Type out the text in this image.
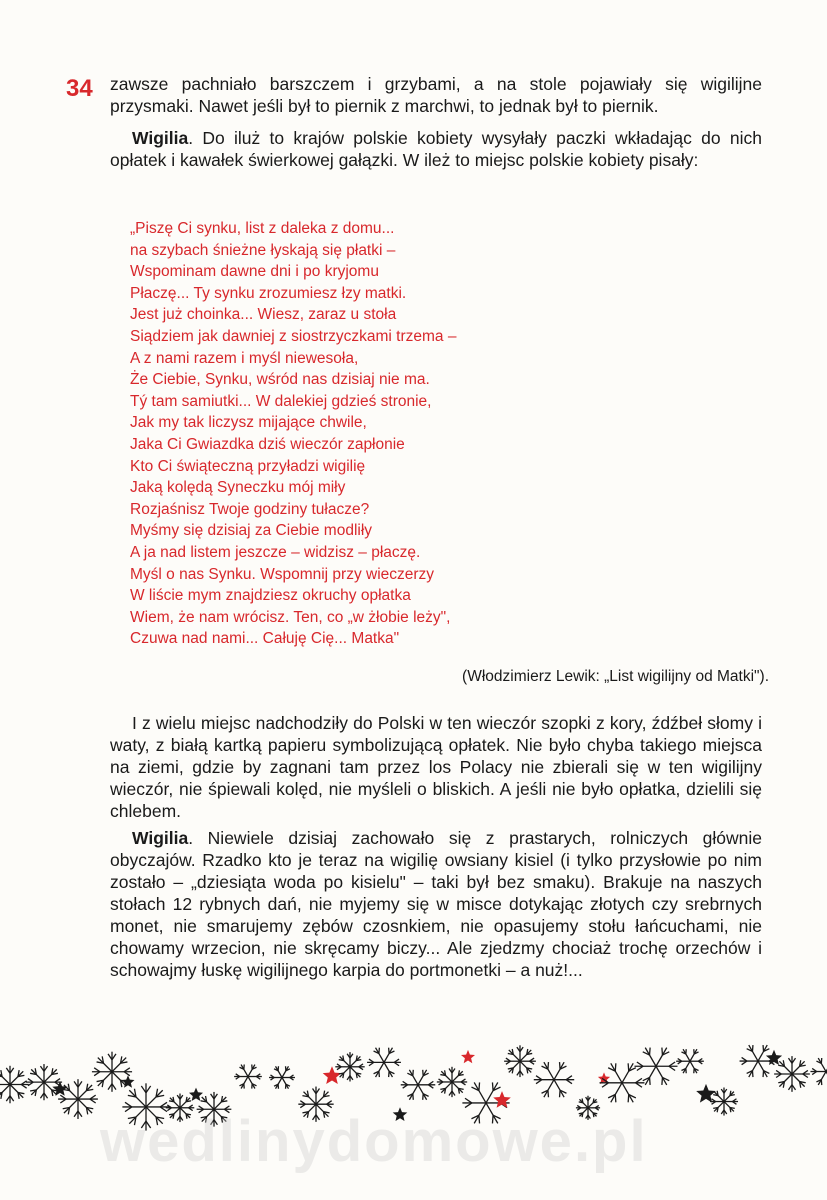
34 zawsze pachniało barszczem i grzybami, a na stole pojawiały się wigilijne przysmaki. Nawet jeśli był to piernik z marchwi, to jednak był to piernik.

Wigilia. Do iluż to krajów polskie kobiety wysyłały paczki wkładając do nich opłatek i kawałek świerkowej gałązki. W ileż to miejsc polskie kobiety pisały:

„Piszę Ci synku, list z daleka z domu...
na szybach śnieżne łyskają się płatki –
Wspominam dawne dni i po kryjomu
Płaczę... Ty synku zrozumiesz łzy matki.
Jest już choinka... Wiesz, zaraz u stoła
Siądziem jak dawniej z siostrzyczkami trzema –
A z nami razem i myśl niewesoła,
Że Ciebie, Synku, wśród nas dzisiaj nie ma.
Tý tam samiutki... W dalekiej gdzieś stronie,
Jak my tak liczysz mijające chwile,
Jaka Ci Gwiazdka dziś wieczór zapłonie
Kto Ci świąteczną przyładzi wigilię
Jaką kolędą Syneczku mój miły
Rozjaśnisz Twoje godziny tułacze?
Myśmy się dzisiaj za Ciebie modliły
A ja nad listem jeszcze – widzisz – płaczę.
Myśl o nas Synku. Wspomnij przy wieczerzy
W liście mym znajdziesz okruchy opłatka
Wiem, że nam wrócisz. Ten, co „w żłobie leży",
Czuwa nad nami... Całuję Cię... Matka"
(Włodzimierz Lewik: „List wigilijny od Matki").

I z wielu miejsc nadchodziły do Polski w ten wieczór szopki z kory, źdźbeł słomy i waty, z białą kartką papieru symbolizującą opłatek. Nie było chyba takiego miejsca na ziemi, gdzie by zagnani tam przez los Polacy nie zbierali się w ten wigilijny wieczór, nie śpiewali kolęd, nie myśleli o bliskich. A jeśli nie było opłatka, dzielili się chlebem.

Wigilia. Niewiele dzisiaj zachowało się z prastarych, rolniczych głównie obyczajów. Rzadko kto je teraz na wigilię owsiany kisiel (i tylko przysłowie po nim zostało – „dziesiąta woda po kisielu" – taki był bez smaku). Brakuje na naszych stołach 12 rybnych dań, nie myjemy się w misce dotykając złotych czy srebrnych monet, nie smarujemy zębów czosnkiem, nie opasujemy stołu łańcuchami, nie chowamy wrzecion, nie skręcamy biczy... Ale zjedzmy chociaż trochę orzechów i schowajmy łuskę wigilijnego karpia do portmonetki – a nuż!...

wedlinydomowe.pl
